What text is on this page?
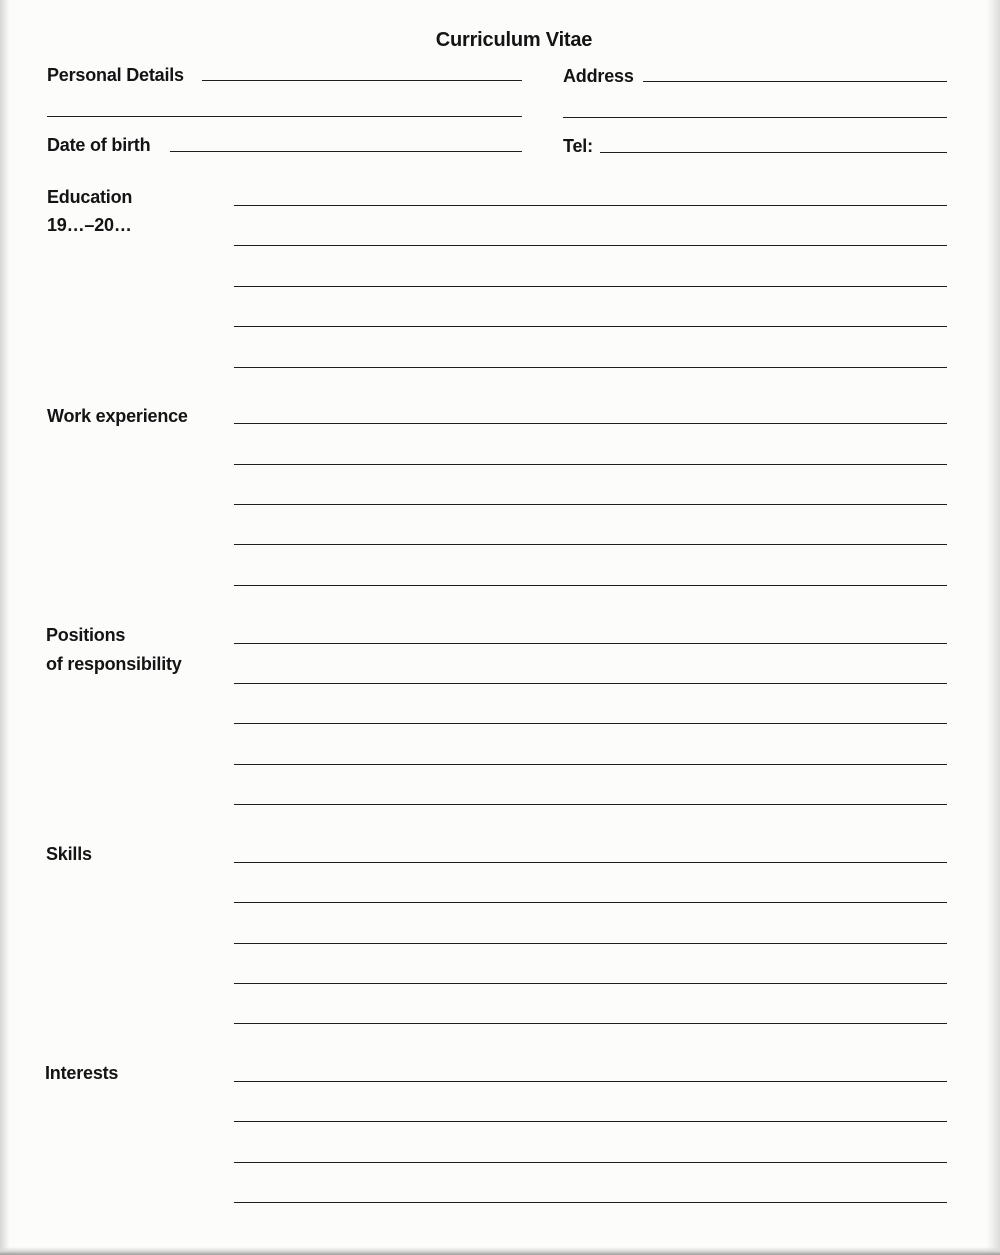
Curriculum Vitae
Personal Details	Address
Date of birth	Tel:
Education
19…–20…
Work experience
Positions
of responsibility
Skills
Interests
